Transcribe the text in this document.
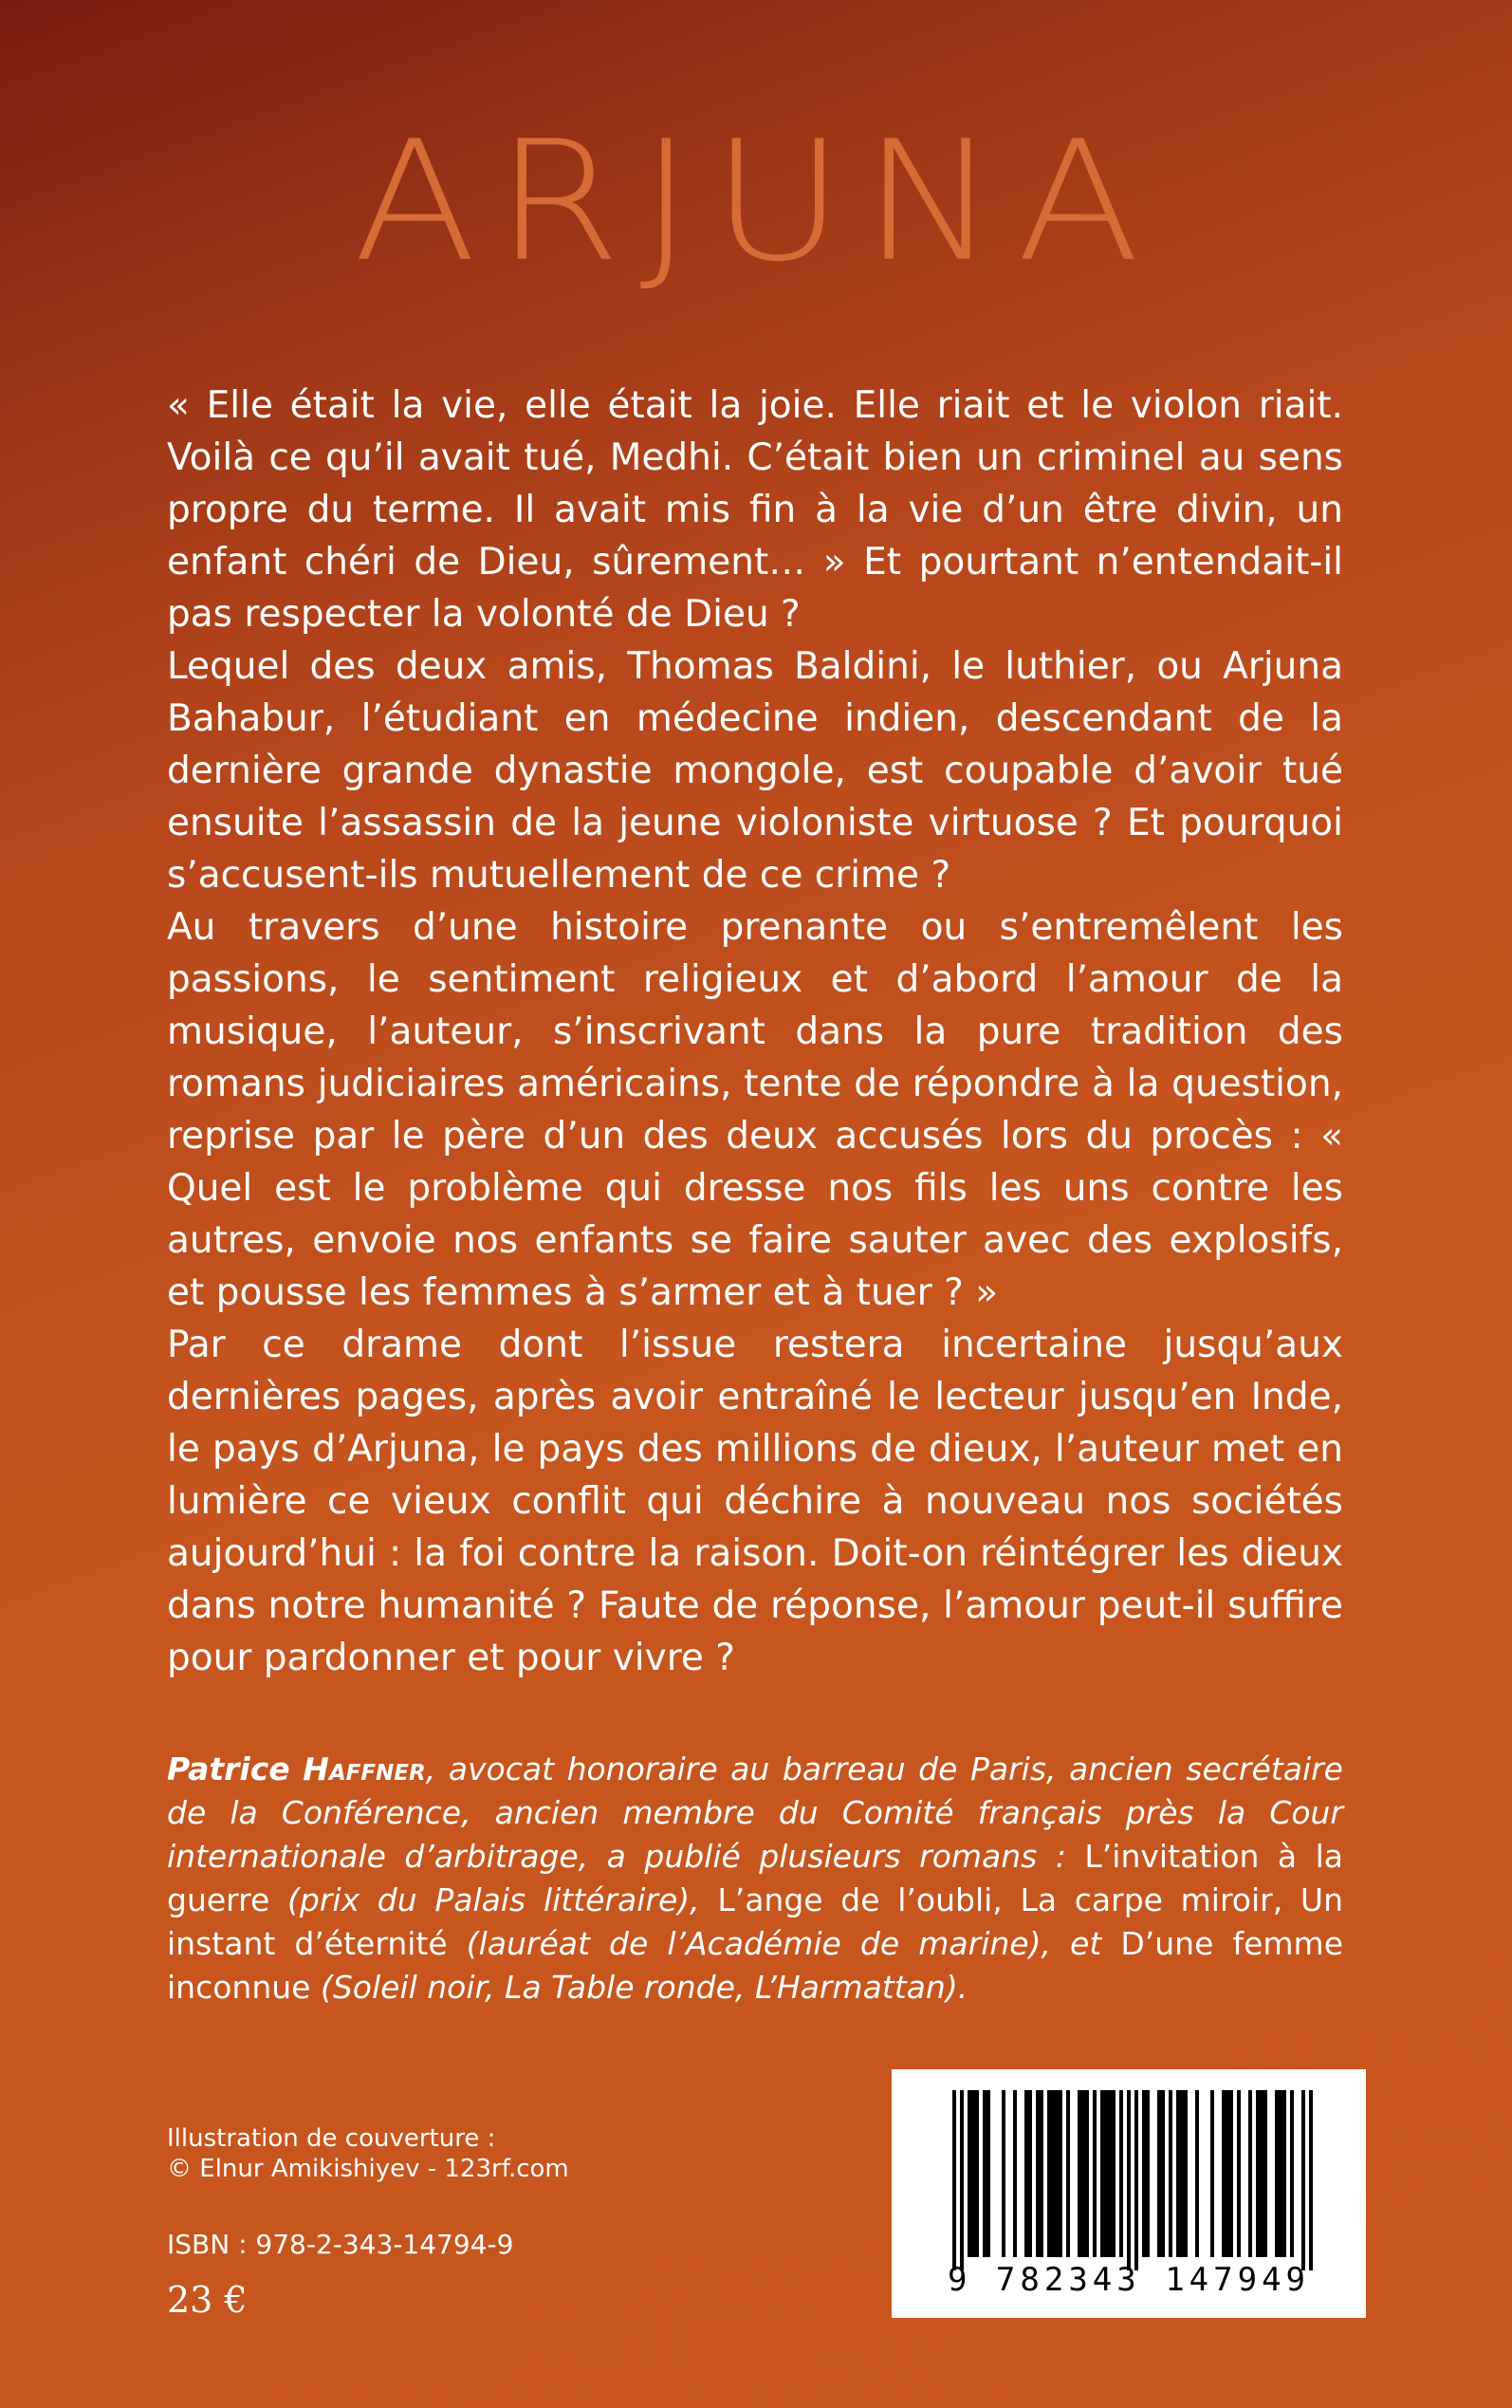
ARJUNA

« Elle était la vie, elle était la joie. Elle riait et le violon riait. Voilà ce qu’il avait tué, Medhi. C’était bien un criminel au sens propre du terme. Il avait mis fin à la vie d’un être divin, un enfant chéri de Dieu, sûrement… » Et pourtant n’entendait-il pas respecter la volonté de Dieu ?

Lequel des deux amis, Thomas Baldini, le luthier, ou Arjuna Bahabur, l’étudiant en médecine indien, descendant de la dernière grande dynastie mongole, est coupable d’avoir tué ensuite l’assassin de la jeune violoniste virtuose ? Et pourquoi s’accusent-ils mutuellement de ce crime ?

Au travers d’une histoire prenante ou s’entremêlent les passions, le sentiment religieux et d’abord l’amour de la musique, l’auteur, s’inscrivant dans la pure tradition des romans judiciaires américains, tente de répondre à la question, reprise par le père d’un des deux accusés lors du procès : « Quel est le problème qui dresse nos fils les uns contre les autres, envoie nos enfants se faire sauter avec des explosifs, et pousse les femmes à s’armer et à tuer ? »

Par ce drame dont l’issue restera incertaine jusqu’aux dernières pages, après avoir entraîné le lecteur jusqu’en Inde, le pays d’Arjuna, le pays des millions de dieux, l’auteur met en lumière ce vieux conflit qui déchire à nouveau nos sociétés aujourd’hui : la foi contre la raison. Doit-on réintégrer les dieux dans notre humanité ? Faute de réponse, l’amour peut-il suffire pour pardonner et pour vivre ?

Patrice Haffner, avocat honoraire au barreau de Paris, ancien secrétaire de la Conférence, ancien membre du Comité français près la Cour internationale d’arbitrage, a publié plusieurs romans : L’invitation à la guerre (prix du Palais littéraire), L’ange de l’oubli, La carpe miroir, Un instant d’éternité (lauréat de l’Académie de marine), et D’une femme inconnue (Soleil noir, La Table ronde, L’Harmattan).
Illustration de couverture :
© Elnur Amikishiyev - 123rf.com
ISBN : 978-2-343-14794-9
23 €	9 782343 147949
